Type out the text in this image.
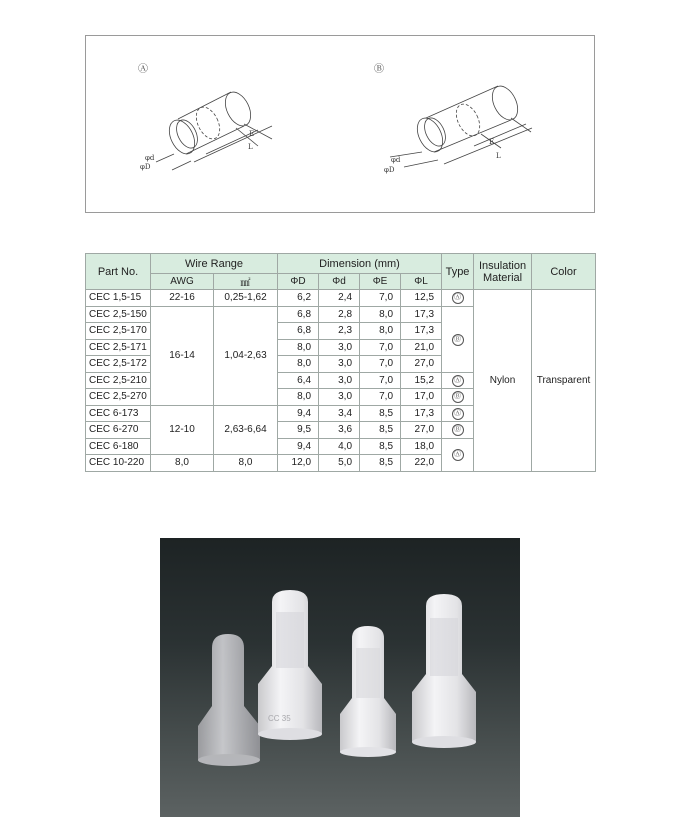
Ⓐ
φd
φD
E
L
Ⓑ
φd
φD
E
L
Part No.	Wire Range		Dimension (mm)				Type	Insulation Material	Color
	AWG	㎟	ΦD	Φd	ΦE	ΦL			
CEC 1,5-15	22-16	0,25-1,62	6,2	2,4	7,0	12,5	Ⓐ	Nylon	Transparent
CEC 2,5-150	16-14	1,04-2,63	6,8	2,8	8,0	17,3	Ⓑ		
CEC 2,5-170			6,8	2,3	8,0	17,3			
CEC 2,5-171			8,0	3,0	7,0	21,0			
CEC 2,5-172			8,0	3,0	7,0	27,0			
CEC 2,5-210			6,4	3,0	7,0	15,2	Ⓐ		
CEC 2,5-270			8,0	3,0	7,0	17,0	Ⓑ		
CEC 6-173	12-10	2,63-6,64	9,4	3,4	8,5	17,3	Ⓐ		
CEC 6-270			9,5	3,6	8,5	27,0	Ⓑ		
CEC 6-180			9,4	4,0	8,5	18,0	Ⓐ		
CEC 10-220	8,0	8,0	12,0	5,0	8,5	22,0			
CC 35
